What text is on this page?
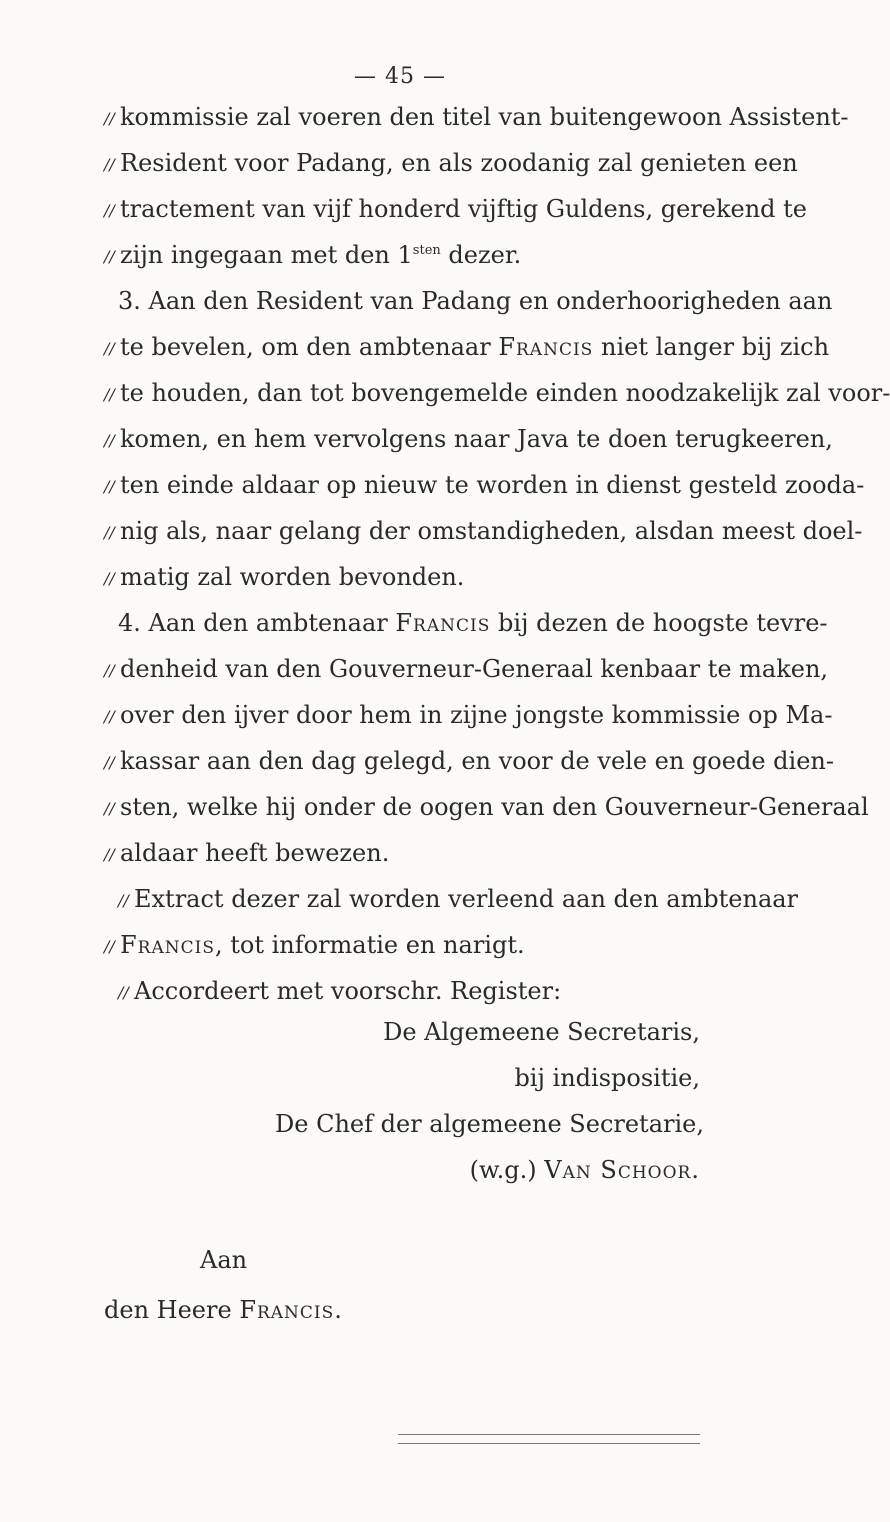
— 45 —
// kommissie zal voeren den titel van buitengewoon Assistent-
// Resident voor Padang, en als zoodanig zal genieten een
// tractement van vijf honderd vijftig Guldens, gerekend te
// zijn ingegaan met den $1^{sten}$ dezer.
3. Aan den Resident van Padang en onderhoorigheden aan
// te bevelen, om den ambtenaar Francis niet langer bij zich
// te houden, dan tot bovengemelde einden noodzakelijk zal voor-
// komen, en hem vervolgens naar Java te doen terugkeeren,
// ten einde aldaar op nieuw te worden in dienst gesteld zooda-
// nig als, naar gelang der omstandigheden, alsdan meest doel-
// matig zal worden bevonden.
4. Aan den ambtenaar Francis bij dezen de hoogste tevre-
// denheid van den Gouverneur-Generaal kenbaar te maken,
// over den ijver door hem in zijne jongste kommissie op Ma-
// kassar aan den dag gelegd, en voor de vele en goede dien-
// sten, welke hij onder de oogen van den Gouverneur-Generaal
// aldaar heeft bewezen.
// Extract dezer zal worden verleend aan den ambtenaar
// Francis, tot informatie en narigt.
// Accordeert met voorschr. Register:
De Algemeene Secretaris,
bij indispositie,
De Chef der algemeene Secretarie,
(w.g.) Van Schoor.
Aan
den Heere Francis.
